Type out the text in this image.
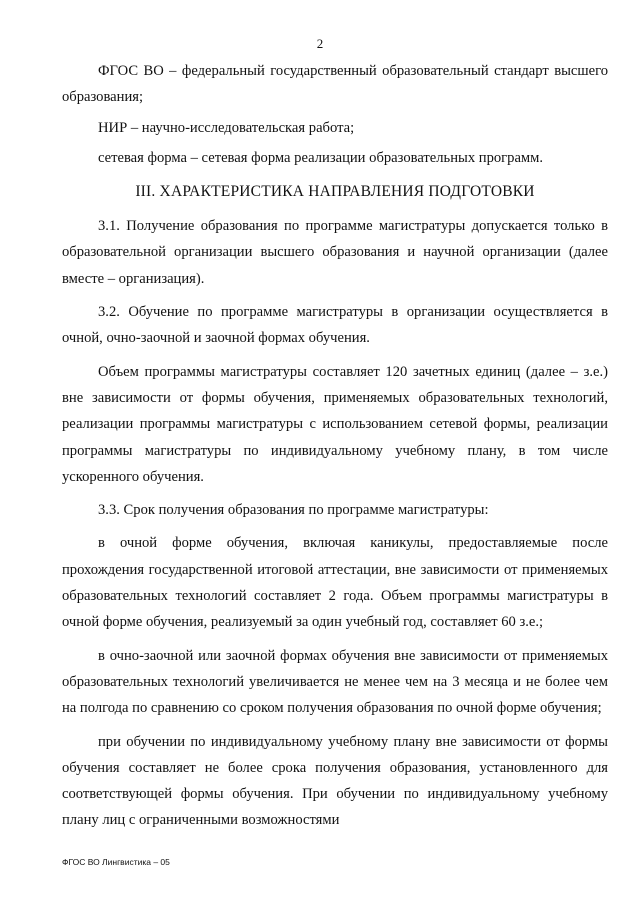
2

ФГОС ВО – федеральный государственный образовательный стандарт высшего образования;

НИР – научно-исследовательская работа;

сетевая форма – сетевая форма реализации образовательных программ.

III. ХАРАКТЕРИСТИКА НАПРАВЛЕНИЯ ПОДГОТОВКИ

3.1. Получение образования по программе магистратуры допускается только в образовательной организации высшего образования и научной организации (далее вместе – организация).

3.2. Обучение по программе магистратуры в организации осуществляется в очной, очно-заочной и заочной формах обучения.

Объем программы магистратуры составляет 120 зачетных единиц (далее – з.е.) вне зависимости от формы обучения, применяемых образовательных технологий, реализации программы магистратуры с использованием сетевой формы, реализации программы магистратуры по индивидуальному учебному плану, в том числе ускоренного обучения.

3.3. Срок получения образования по программе магистратуры:

в очной форме обучения, включая каникулы, предоставляемые после прохождения государственной итоговой аттестации, вне зависимости от применяемых образовательных технологий составляет 2 года. Объем программы магистратуры в очной форме обучения, реализуемый за один учебный год, составляет 60 з.е.;

в очно-заочной или заочной формах обучения вне зависимости от применяемых образовательных технологий увеличивается не менее чем на 3 месяца и не более чем на полгода по сравнению со сроком получения образования по очной форме обучения;

при обучении по индивидуальному учебному плану вне зависимости от формы обучения составляет не более срока получения образования, установленного для соответствующей формы обучения. При обучении по индивидуальному учебному плану лиц с ограниченными возможностями

ФГОС ВО Лингвистика – 05
